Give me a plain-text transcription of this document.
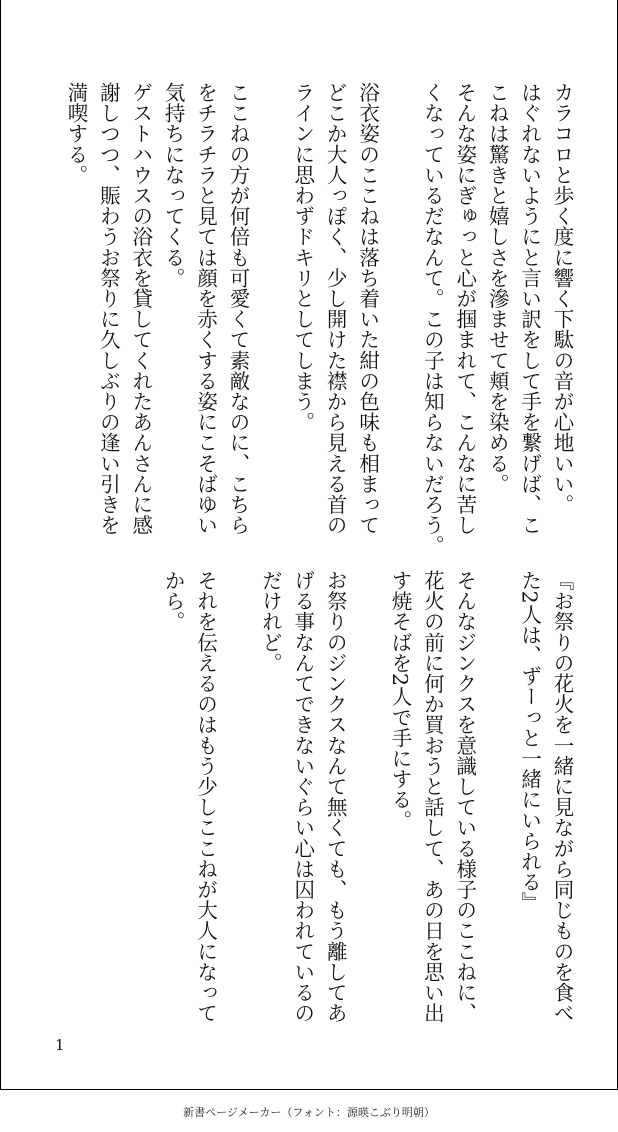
カラコロと歩く度に響く下駄の音が心地いい。
はぐれないようにと言い訳をして手を繋げば、こ
こねは驚きと嬉しさを滲ませて頬を染める。
そんな姿にぎゅっと心が掴まれて、こんなに苦し
くなっているだなんて。この子は知らないだろう。
浴衣姿のここねは落ち着いた紺の色味も相まって
どこか大人っぽく、少し開けた襟から見える首の
ラインに思わずドキリとしてしまう。
ここねの方が何倍も可愛くて素敵なのに、こちら
をチラチラと見ては顔を赤くする姿にこそばゆい
気持ちになってくる。
ゲストハウスの浴衣を貸してくれたあんさんに感
謝しつつ、賑わうお祭りに久しぶりの逢い引きを
満喫する。
『お祭りの花火を一緒に見ながら同じものを食べ
た2人は、ずーっと一緒にいられる』
そんなジンクスを意識している様子のここねに、
花火の前に何か買おうと話して、あの日を思い出
す焼そばを2人で手にする。
お祭りのジンクスなんて無くても、もう離してあ
げる事なんてできないぐらい心は囚われているの
だけれど。
それを伝えるのはもう少しここねが大人になって
から。
1
新書ページメーカー（フォント：源暎こぶり明朝）
